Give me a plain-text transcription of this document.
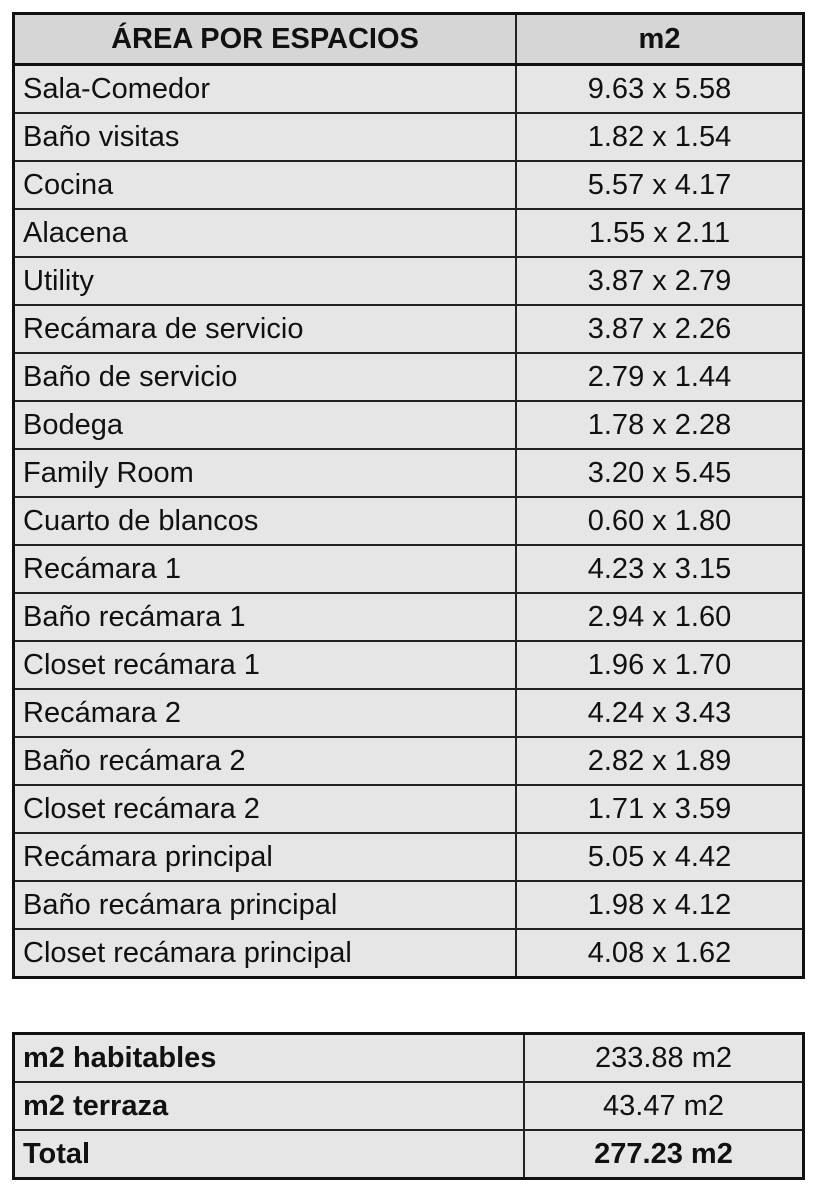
&
ÁREA POR ESPACIOS	m2
Sala-Comedor	9.63 x 5.58
Baño visitas	1.82 x 1.54
Cocina	5.57 x 4.17
Alacena	1.55 x 2.11
Utility	3.87 x 2.79
Recámara de servicio	3.87 x 2.26
Baño de servicio	2.79 x 1.44
Bodega	1.78 x 2.28
Family Room	3.20 x 5.45
Cuarto de blancos	0.60 x 1.80
Recámara 1	4.23 x 3.15
Baño recámara 1	2.94 x 1.60
Closet recámara 1	1.96 x 1.70
Recámara 2	4.24 x 3.43
Baño recámara 2	2.82 x 1.89
Closet recámara 2	1.71 x 3.59
Recámara principal	5.05 x 4.42
Baño recámara principal	1.98 x 4.12
Closet recámara principal	4.08 x 1.62
m2 habitables	233.88 m2
m2 terraza	43.47 m2
Total	277.23 m2
